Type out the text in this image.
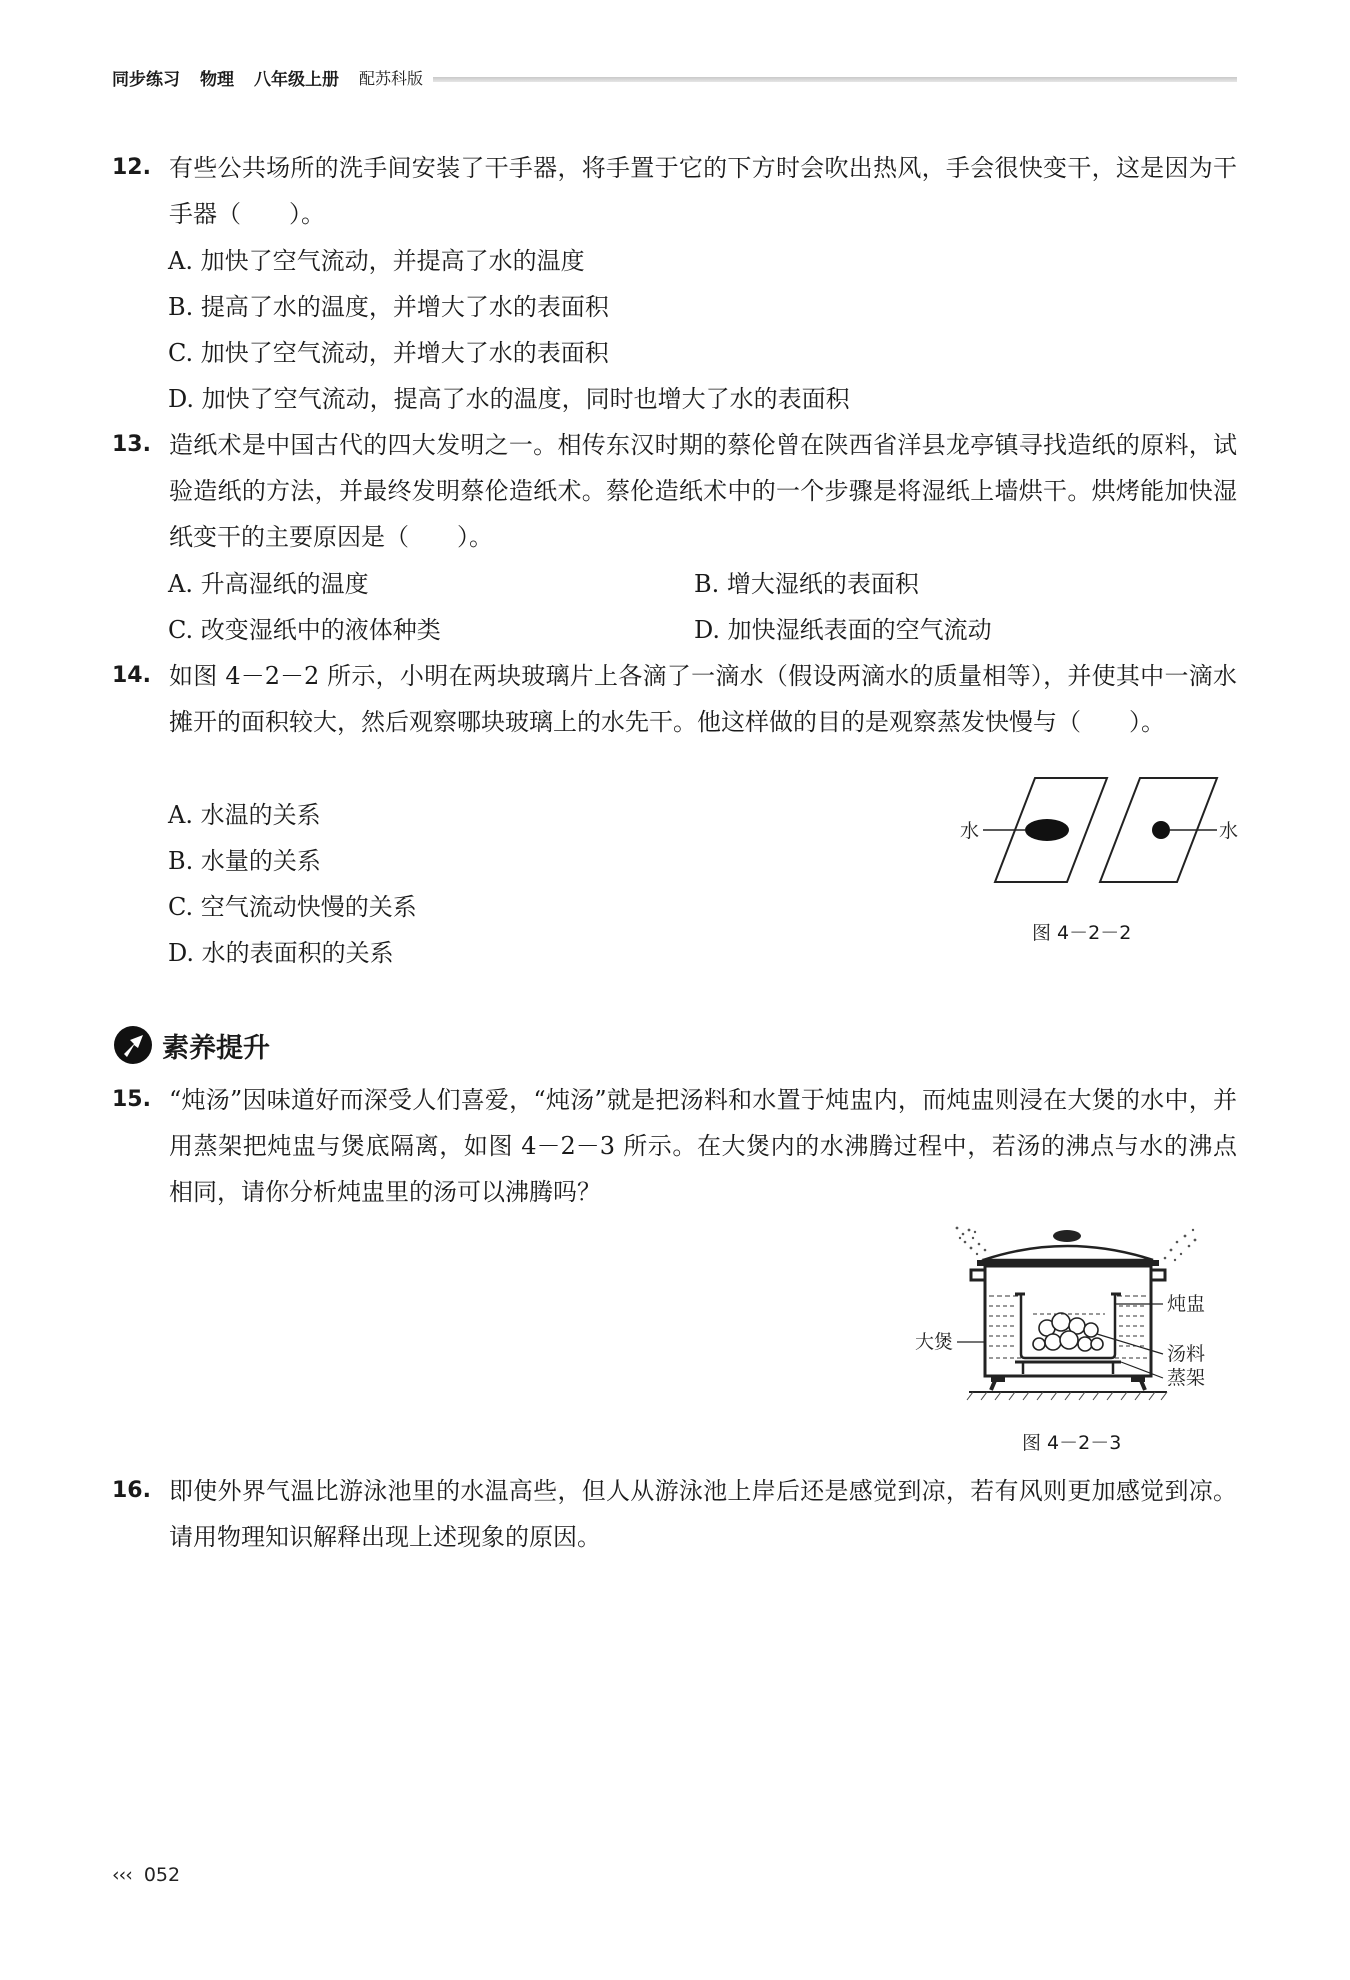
同步练习 物理 八年级上册 配苏科版
12. 有些公共场所的洗手间安装了干手器，将手置于它的下方时会吹出热风，手会很快变干，这是因为干手器（　　）。
A. 加快了空气流动，并提高了水的温度
B. 提高了水的温度，并增大了水的表面积
C. 加快了空气流动，并增大了水的表面积
D. 加快了空气流动，提高了水的温度，同时也增大了水的表面积
13. 造纸术是中国古代的四大发明之一。相传东汉时期的蔡伦曾在陕西省洋县龙亭镇寻找造纸的原料，试验造纸的方法，并最终发明蔡伦造纸术。蔡伦造纸术中的一个步骤是将湿纸上墙烘干。烘烤能加快湿纸变干的主要原因是（　　）。
A. 升高湿纸的温度	B. 增大湿纸的表面积
C. 改变湿纸中的液体种类	D. 加快湿纸表面的空气流动
14. 如图 4－2－2 所示，小明在两块玻璃片上各滴了一滴水（假设两滴水的质量相等），并使其中一滴水摊开的面积较大，然后观察哪块玻璃上的水先干。他这样做的目的是观察蒸发快慢与（　　）。
A. 水温的关系
B. 水量的关系
C. 空气流动快慢的关系
D. 水的表面积的关系
水	水
图 4－2－2
素养提升
15. “炖汤”因味道好而深受人们喜爱，“炖汤”就是把汤料和水置于炖盅内，而炖盅则浸在大煲的水中，并用蒸架把炖盅与煲底隔离，如图 4－2－3 所示。在大煲内的水沸腾过程中，若汤的沸点与水的沸点相同，请你分析炖盅里的汤可以沸腾吗？
炖盅
大煲
汤料
蒸架
图 4－2－3
16. 即使外界气温比游泳池里的水温高些，但人从游泳池上岸后还是感觉到凉，若有风则更加感觉到凉。请用物理知识解释出现上述现象的原因。
‹‹‹ 052
